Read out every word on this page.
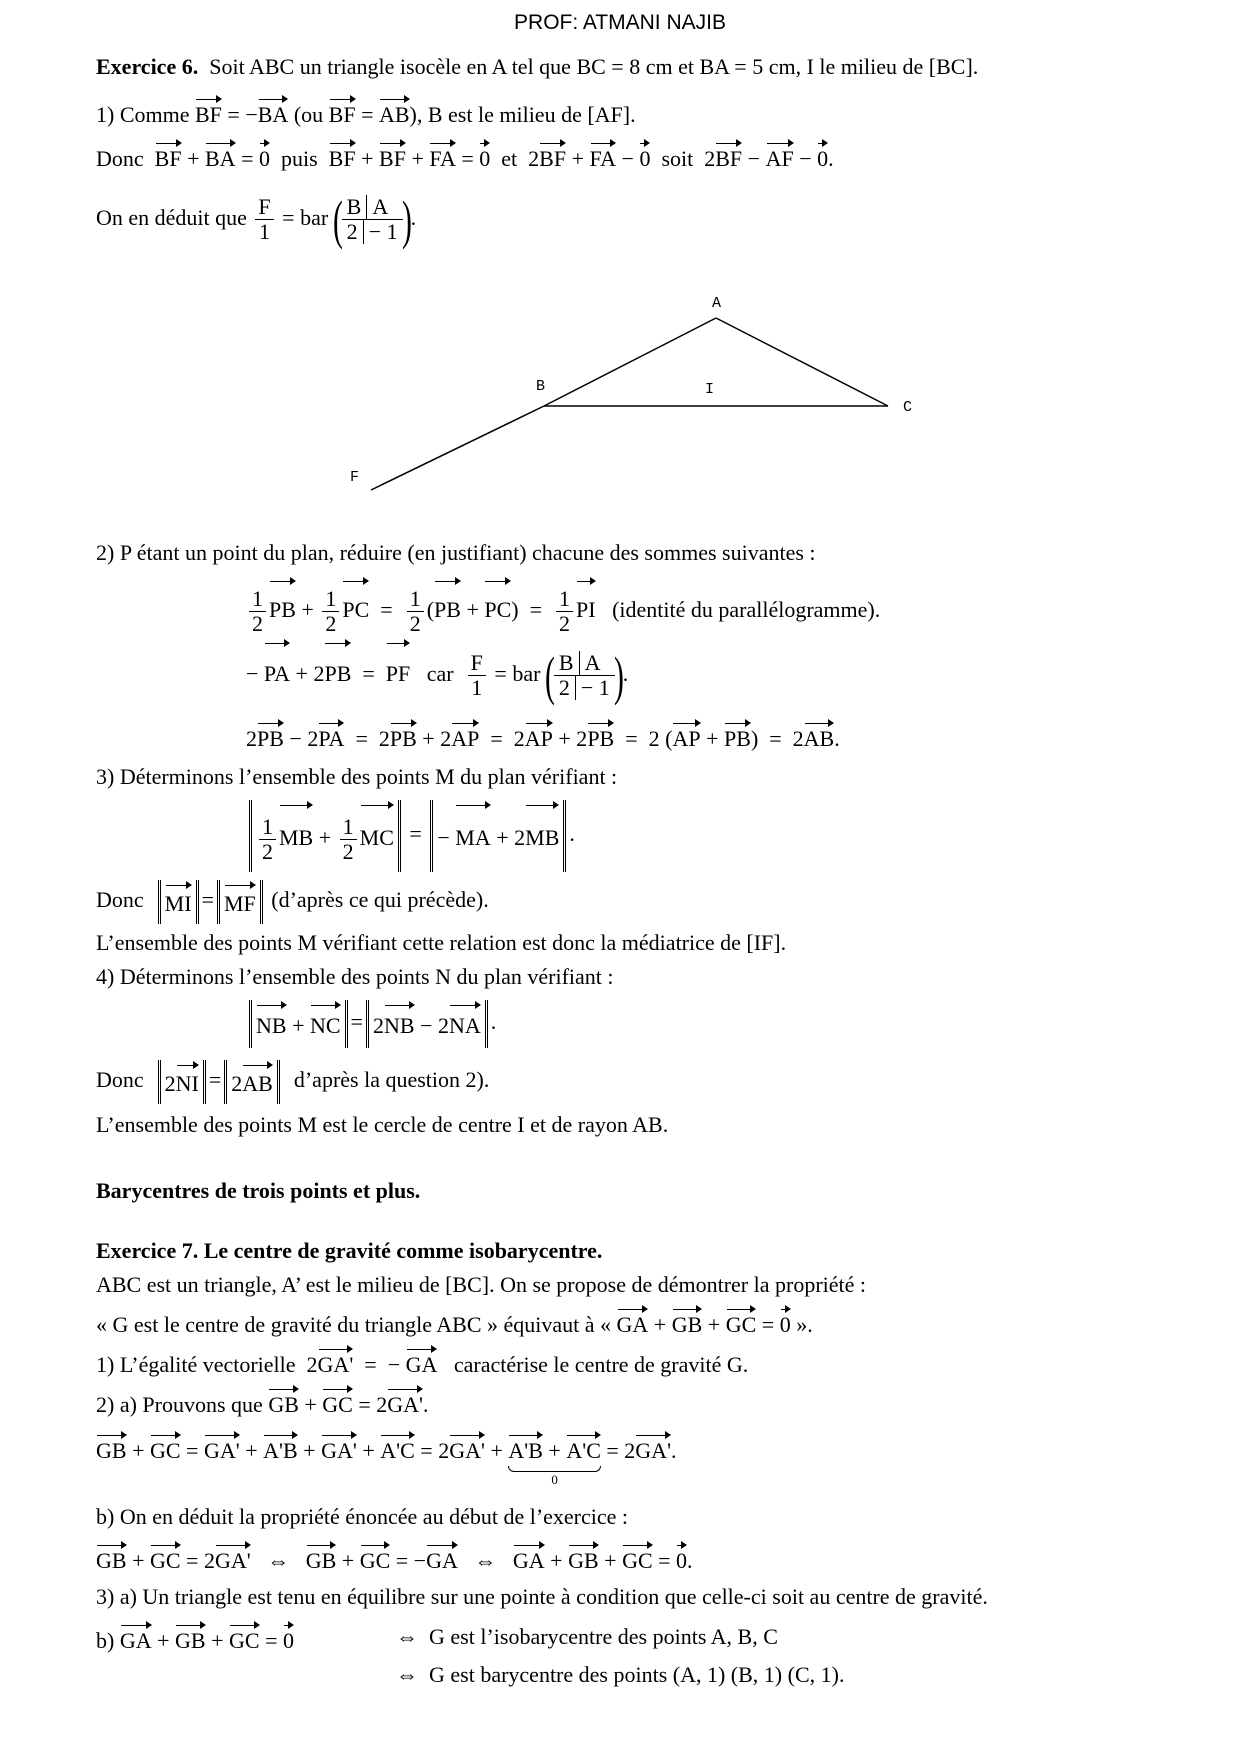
PROF: ATMANI NAJIB
Exercice 6. Soit ABC un triangle isocèle en A tel que BC = 8 cm et BA = 5 cm, I le milieu de [BC].
1) Comme BF = −BA (ou BF = AB), B est le milieu de [AF].
Donc BF + BA = 0 puis BF + BF + FA = 0 et  2BF + FA − 0 soit  2BF − AF − 0.
On en déduit que $\frac{F}{1}$ = bar ( $\frac{\text{B A}}{2 - 1}$ ).
A
B
C
I
F
2) P étant un point du plan, réduire (en justifiant) chacune des sommes suivantes :
$\frac{1}{2}$ PB + $\frac{1}{2}$ PC  = $\frac{1}{2} (PB + PC) = \frac{1}{2}$ PI (identité du parallélogramme).
− PA + 2PB  =  PF car $\frac{F}{1}$ = bar ( $\frac{\text{B A}}{2 - 1}$ ).
2PB − 2PA  =  2PB + 2AP  =  2AP + 2PB  =  2 (AP + PB)  =  2AB.
3) Déterminons l’ensemble des points M du plan vérifiant :
$\frac{1}{2}$ MB + $\frac{1}{2}$ MC = − MA + 2MB .
Donc MI = MF (d’après ce qui précède).
L’ensemble des points M vérifiant cette relation est donc la médiatrice de [IF].
4) Déterminons l’ensemble des points N du plan vérifiant :
NB + NC = 2NB − 2NA .
Donc 2NI = 2AB d’après la question 2).
L’ensemble des points M est le cercle de centre I et de rayon AB.
Barycentres de trois points et plus.
Exercice 7. Le centre de gravité comme isobarycentre.
ABC est un triangle, A’ est le milieu de [BC]. On se propose de démontrer la propriété :
« G est le centre de gravité du triangle ABC » équivaut à « GA + GB + GC = 0 ».
1) L’égalité vectorielle  2GA'  =  − GA caractérise le centre de gravité G.
2) a) Prouvons que GB + GC = 2GA'.
GB + GC = GA' + A'B + GA' + A'C = 2GA' + A'B + A'C
0
= 2GA'.
b) On en déduit la propriété énoncée au début de l’exercice :
GB + GC = 2GA'   ⇔   GB + GC = −GA   ⇔   GA + GB + GC = 0.
3) a) Un triangle est tenu en équilibre sur une pointe à condition que celle-ci soit au centre de gravité.
b) GA + GB + GC = 0	⇔  G est l’isobarycentre des points A, B, C
⇔  G est barycentre des points (A, 1) (B, 1) (C, 1).
